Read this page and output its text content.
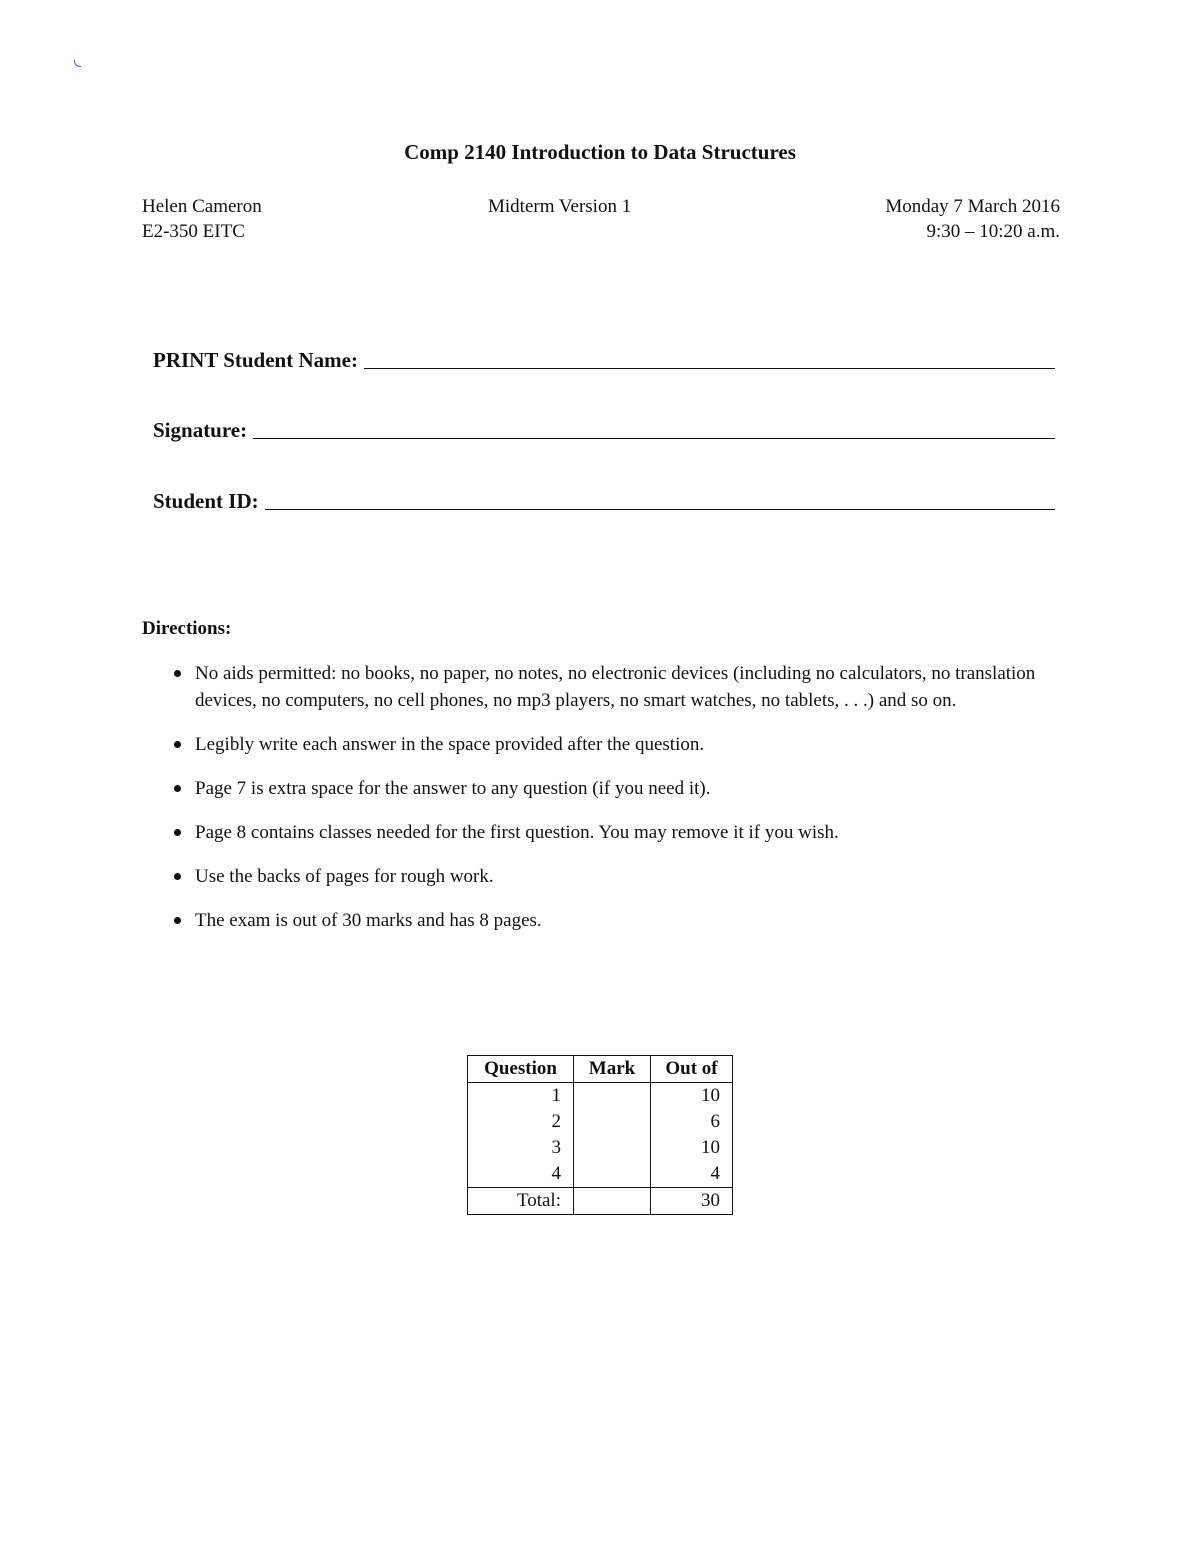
Comp 2140 Introduction to Data Structures
Helen Cameron	Midterm Version 1	Monday 7 March 2016
E2-350 EITC	9:30 – 10:20 a.m.
PRINT Student Name:
Signature:
Student ID:
Directions:
No aids permitted: no books, no paper, no notes, no electronic devices (including no calculators, no translation devices, no computers, no cell phones, no mp3 players, no smart watches, no tablets, . . .) and so on.
Legibly write each answer in the space provided after the question.
Page 7 is extra space for the answer to any question (if you need it).
Page 8 contains classes needed for the first question. You may remove it if you wish.
Use the backs of pages for rough work.
The exam is out of 30 marks and has 8 pages.
Question	Mark	Out of
1		10
2		6
3		10
4		4
Total:		30
